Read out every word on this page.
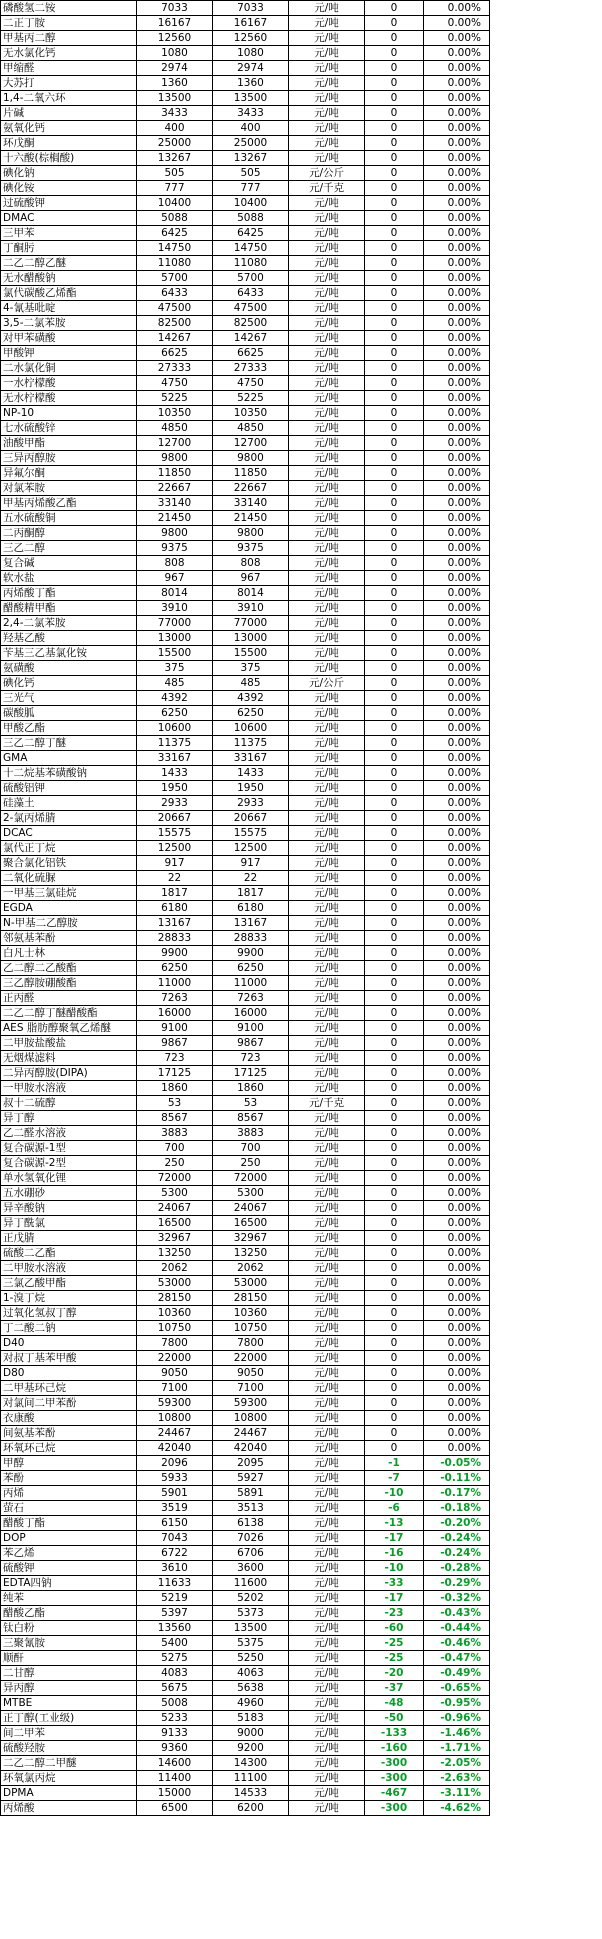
磷酸氢二铵	7033	7033	元/吨	0	0.00%
二正丁胺	16167	16167	元/吨	0	0.00%
甲基丙二醇	12560	12560	元/吨	0	0.00%
无水氯化钙	1080	1080	元/吨	0	0.00%
甲缩醛	2974	2974	元/吨	0	0.00%
大苏打	1360	1360	元/吨	0	0.00%
1,4-二氧六环	13500	13500	元/吨	0	0.00%
片碱	3433	3433	元/吨	0	0.00%
氨氧化钙	400	400	元/吨	0	0.00%
环戊酮	25000	25000	元/吨	0	0.00%
十六酸(棕榈酸)	13267	13267	元/吨	0	0.00%
碘化钠	505	505	元/公斤	0	0.00%
碘化铵	777	777	元/千克	0	0.00%
过硫酸钾	10400	10400	元/吨	0	0.00%
DMAC	5088	5088	元/吨	0	0.00%
三甲苯	6425	6425	元/吨	0	0.00%
丁酮肟	14750	14750	元/吨	0	0.00%
二乙二醇乙醚	11080	11080	元/吨	0	0.00%
无水醋酸钠	5700	5700	元/吨	0	0.00%
氯代碳酸乙烯酯	6433	6433	元/吨	0	0.00%
4-氰基吡啶	47500	47500	元/吨	0	0.00%
3,5-二氯苯胺	82500	82500	元/吨	0	0.00%
对甲苯磺酸	14267	14267	元/吨	0	0.00%
甲酸钾	6625	6625	元/吨	0	0.00%
二水氯化铜	27333	27333	元/吨	0	0.00%
一水柠檬酸	4750	4750	元/吨	0	0.00%
无水柠檬酸	5225	5225	元/吨	0	0.00%
NP-10	10350	10350	元/吨	0	0.00%
七水硫酸锌	4850	4850	元/吨	0	0.00%
油酸甲酯	12700	12700	元/吨	0	0.00%
三异丙醇胺	9800	9800	元/吨	0	0.00%
异氟尔酮	11850	11850	元/吨	0	0.00%
对氯苯胺	22667	22667	元/吨	0	0.00%
甲基丙烯酸乙酯	33140	33140	元/吨	0	0.00%
五水硫酸铜	21450	21450	元/吨	0	0.00%
二丙酮醇	9800	9800	元/吨	0	0.00%
三乙二醇	9375	9375	元/吨	0	0.00%
复合碱	808	808	元/吨	0	0.00%
软水盐	967	967	元/吨	0	0.00%
丙烯酸丁酯	8014	8014	元/吨	0	0.00%
醋酸精甲酯	3910	3910	元/吨	0	0.00%
2,4-二氯苯胺	77000	77000	元/吨	0	0.00%
羟基乙酸	13000	13000	元/吨	0	0.00%
苄基三乙基氯化铵	15500	15500	元/吨	0	0.00%
氨磺酸	375	375	元/吨	0	0.00%
碘化钙	485	485	元/公斤	0	0.00%
三光气	4392	4392	元/吨	0	0.00%
碳酸胍	6250	6250	元/吨	0	0.00%
甲酸乙酯	10600	10600	元/吨	0	0.00%
三乙二醇丁醚	11375	11375	元/吨	0	0.00%
GMA	33167	33167	元/吨	0	0.00%
十二烷基苯磺酸钠	1433	1433	元/吨	0	0.00%
硫酸铝钾	1950	1950	元/吨	0	0.00%
硅藻土	2933	2933	元/吨	0	0.00%
2-氯丙烯腈	20667	20667	元/吨	0	0.00%
DCAC	15575	15575	元/吨	0	0.00%
氯代正丁烷	12500	12500	元/吨	0	0.00%
聚合氯化铝铁	917	917	元/吨	0	0.00%
二氧化硫脲	22	22	元/吨	0	0.00%
一甲基三氯硅烷	1817	1817	元/吨	0	0.00%
EGDA	6180	6180	元/吨	0	0.00%
N-甲基二乙醇胺	13167	13167	元/吨	0	0.00%
邻氨基苯酚	28833	28833	元/吨	0	0.00%
白凡士林	9900	9900	元/吨	0	0.00%
乙二醇二乙酸酯	6250	6250	元/吨	0	0.00%
三乙醇胺硼酸酯	11000	11000	元/吨	0	0.00%
正丙醛	7263	7263	元/吨	0	0.00%
二乙二醇丁醚醋酸酯	16000	16000	元/吨	0	0.00%
AES 脂肪醇聚氧乙烯醚	9100	9100	元/吨	0	0.00%
二甲胺盐酸盐	9867	9867	元/吨	0	0.00%
无烟煤滤料	723	723	元/吨	0	0.00%
二异丙醇胺(DIPA)	17125	17125	元/吨	0	0.00%
一甲胺水溶液	1860	1860	元/吨	0	0.00%
叔十二硫醇	53	53	元/千克	0	0.00%
异丁醇	8567	8567	元/吨	0	0.00%
乙二醛水溶液	3883	3883	元/吨	0	0.00%
复合碳源-1型	700	700	元/吨	0	0.00%
复合碳源-2型	250	250	元/吨	0	0.00%
单水氢氧化锂	72000	72000	元/吨	0	0.00%
五水硼砂	5300	5300	元/吨	0	0.00%
异辛酸钠	24067	24067	元/吨	0	0.00%
异丁酰氯	16500	16500	元/吨	0	0.00%
正戊腈	32967	32967	元/吨	0	0.00%
硫酸二乙酯	13250	13250	元/吨	0	0.00%
二甲胺水溶液	2062	2062	元/吨	0	0.00%
三氯乙酸甲酯	53000	53000	元/吨	0	0.00%
1-溴丁烷	28150	28150	元/吨	0	0.00%
过氧化氢叔丁醇	10360	10360	元/吨	0	0.00%
丁二酸二钠	10750	10750	元/吨	0	0.00%
D40	7800	7800	元/吨	0	0.00%
对叔丁基苯甲酸	22000	22000	元/吨	0	0.00%
D80	9050	9050	元/吨	0	0.00%
二甲基环己烷	7100	7100	元/吨	0	0.00%
对氯间二甲苯酚	59300	59300	元/吨	0	0.00%
衣康酸	10800	10800	元/吨	0	0.00%
间氨基苯酚	24467	24467	元/吨	0	0.00%
环氧环己烷	42040	42040	元/吨	0	0.00%
甲醇	2096	2095	元/吨	-1	-0.05%
苯酚	5933	5927	元/吨	-7	-0.11%
丙烯	5901	5891	元/吨	-10	-0.17%
萤石	3519	3513	元/吨	-6	-0.18%
醋酸丁酯	6150	6138	元/吨	-13	-0.20%
DOP	7043	7026	元/吨	-17	-0.24%
苯乙烯	6722	6706	元/吨	-16	-0.24%
硫酸钾	3610	3600	元/吨	-10	-0.28%
EDTA四钠	11633	11600	元/吨	-33	-0.29%
纯苯	5219	5202	元/吨	-17	-0.32%
醋酸乙酯	5397	5373	元/吨	-23	-0.43%
钛白粉	13560	13500	元/吨	-60	-0.44%
三聚氰胺	5400	5375	元/吨	-25	-0.46%
顺酐	5275	5250	元/吨	-25	-0.47%
二甘醇	4083	4063	元/吨	-20	-0.49%
异丙醇	5675	5638	元/吨	-37	-0.65%
MTBE	5008	4960	元/吨	-48	-0.95%
正丁醇(工业级)	5233	5183	元/吨	-50	-0.96%
间二甲苯	9133	9000	元/吨	-133	-1.46%
硫酸羟胺	9360	9200	元/吨	-160	-1.71%
二乙二醇二甲醚	14600	14300	元/吨	-300	-2.05%
环氧氯丙烷	11400	11100	元/吨	-300	-2.63%
DPMA	15000	14533	元/吨	-467	-3.11%
丙烯酸	6500	6200	元/吨	-300	-4.62%
